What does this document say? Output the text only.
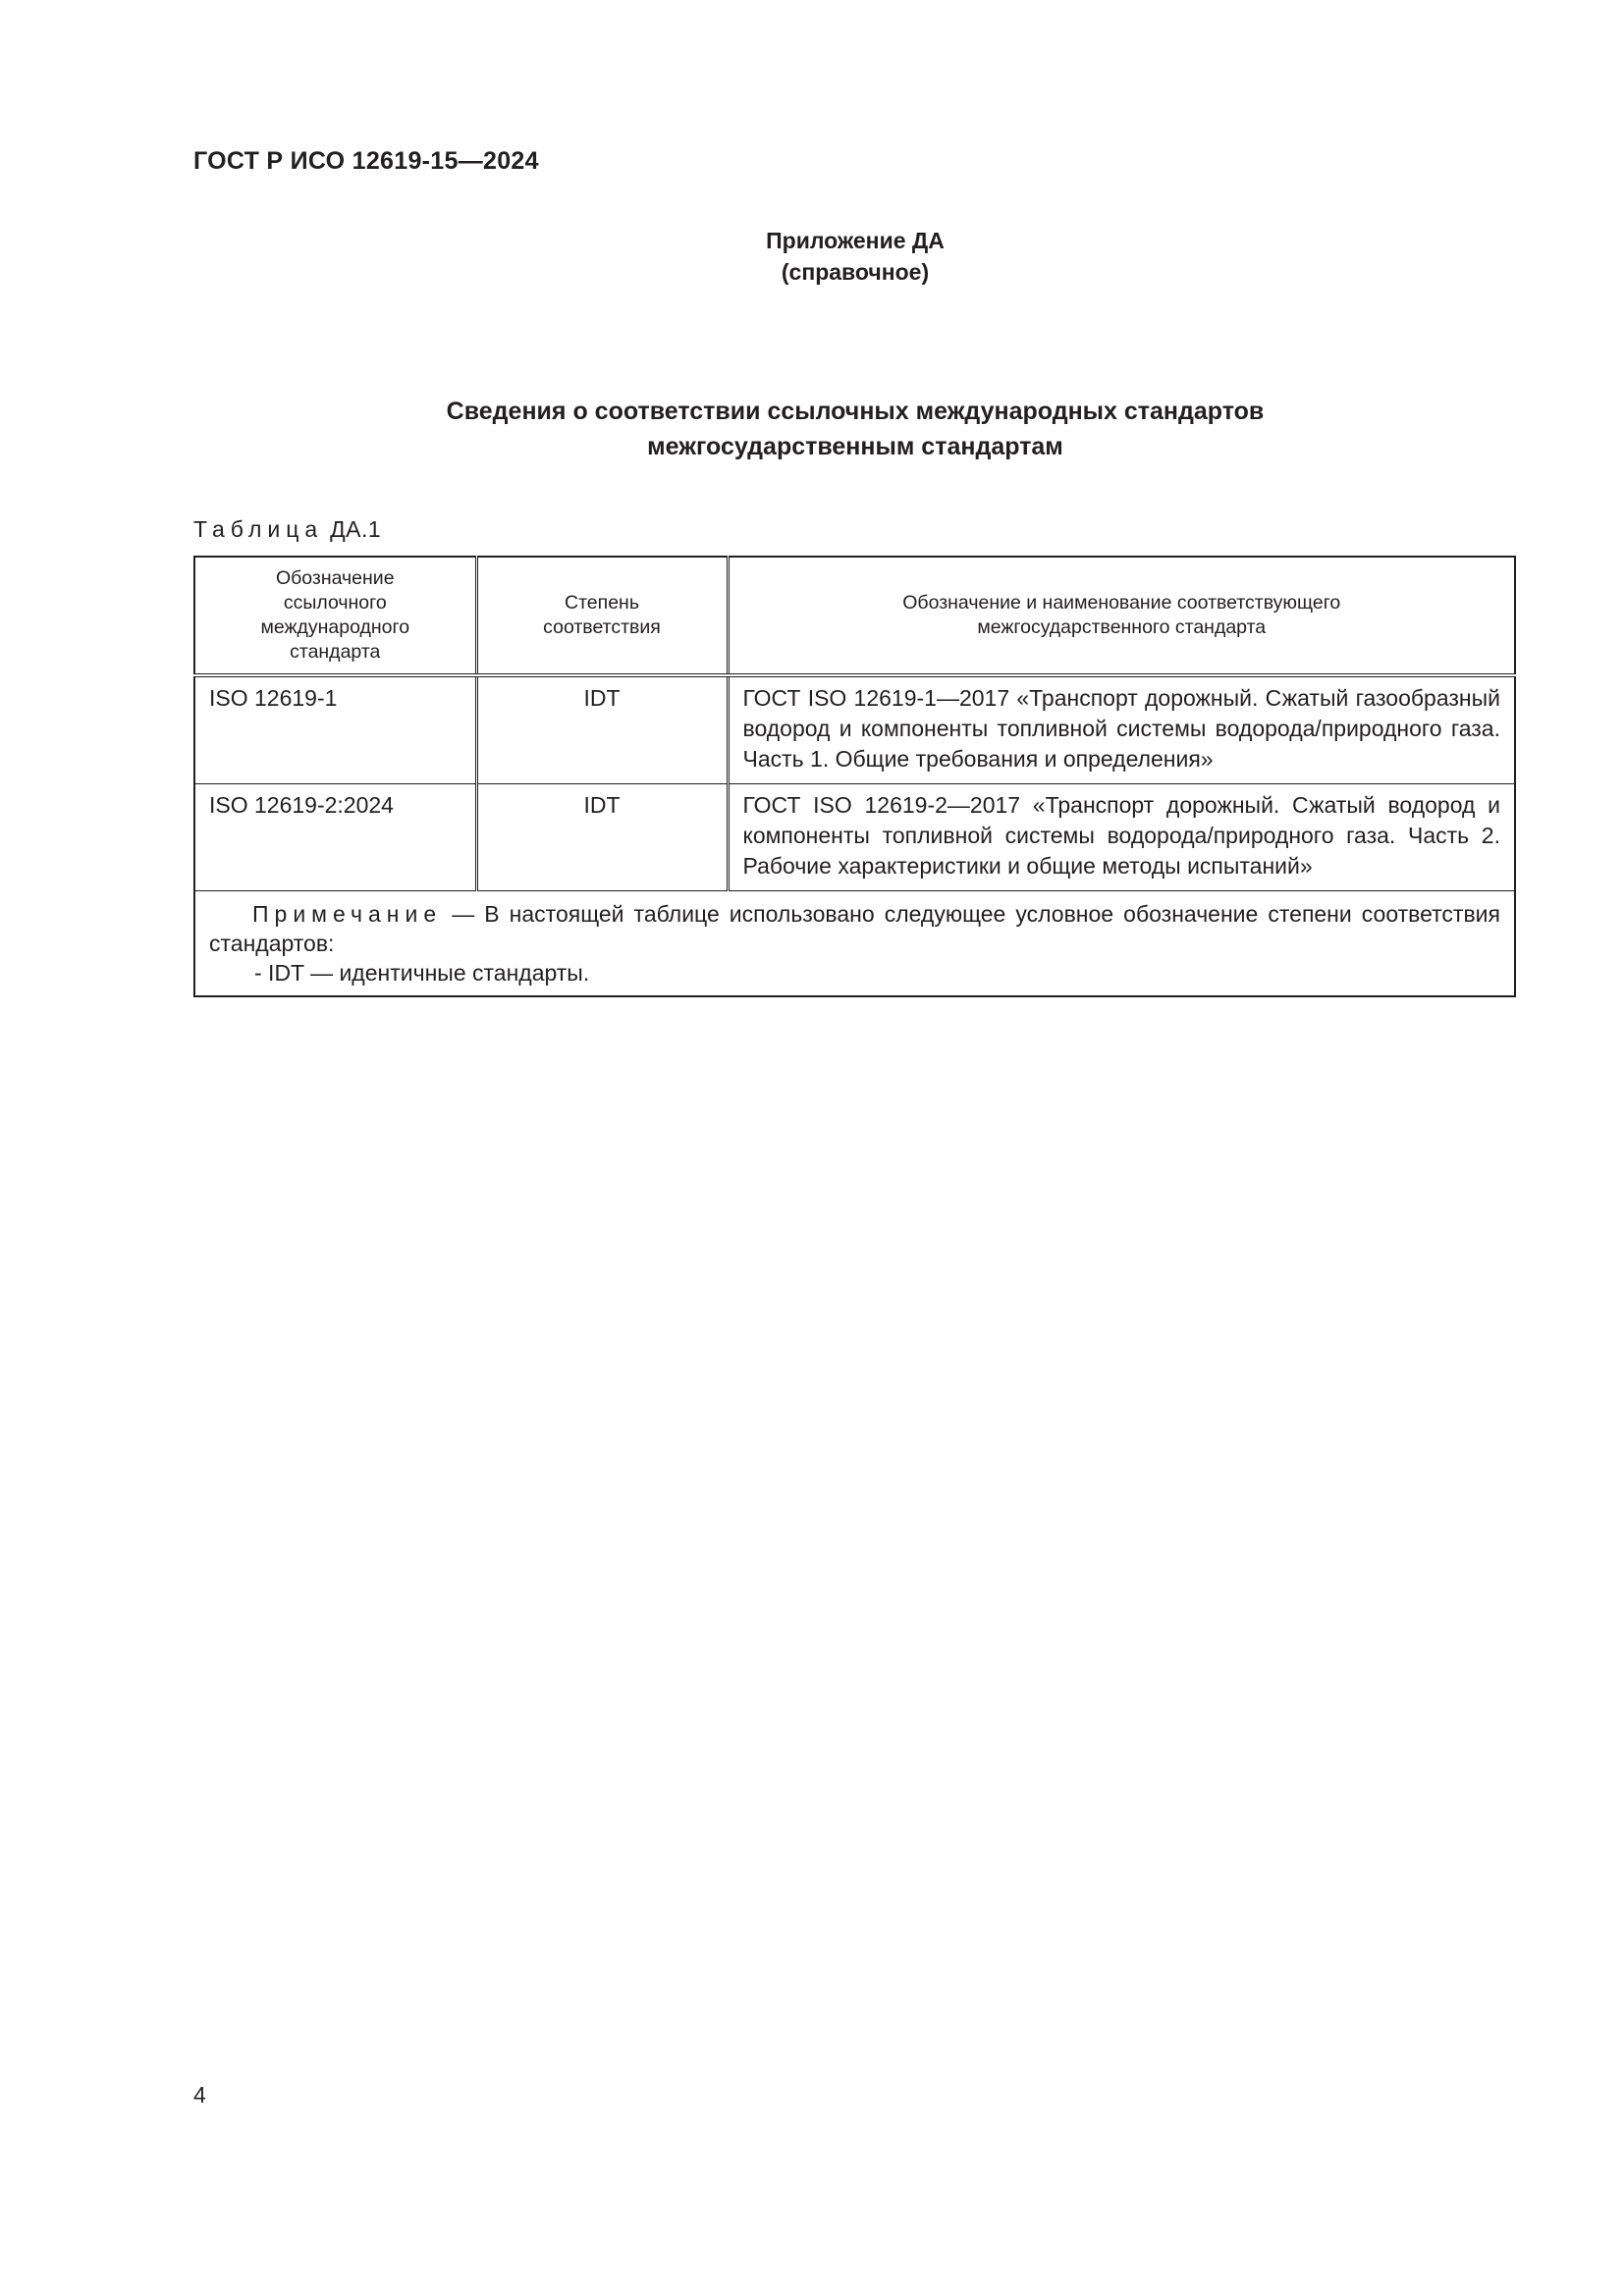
ГОСТ Р ИСО 12619-15—2024
Приложение ДА
(справочное)
Сведения о соответствии ссылочных международных стандартов
межгосударственным стандартам
Таблица ДА.1
Обозначение ссылочного международного стандарта	Степень соответствия	Обозначение и наименование соответствующего межгосударственного стандарта
ISO 12619-1	IDT	ГОСТ ISO 12619-1—2017 «Транспорт дорожный. Сжатый газообразный водород и компоненты топливной системы водорода/природного газа. Часть 1. Общие требования и определения»
ISO 12619-2:2024	IDT	ГОСТ ISO 12619-2—2017 «Транспорт дорожный. Сжатый водород и компоненты топливной системы водорода/природного газа. Часть 2. Рабочие характеристики и общие методы испытаний»
Примечание — В настоящей таблице использовано следующее условное обозначение степени соответствия стандартов:
- IDT — идентичные стандарты.		
4
